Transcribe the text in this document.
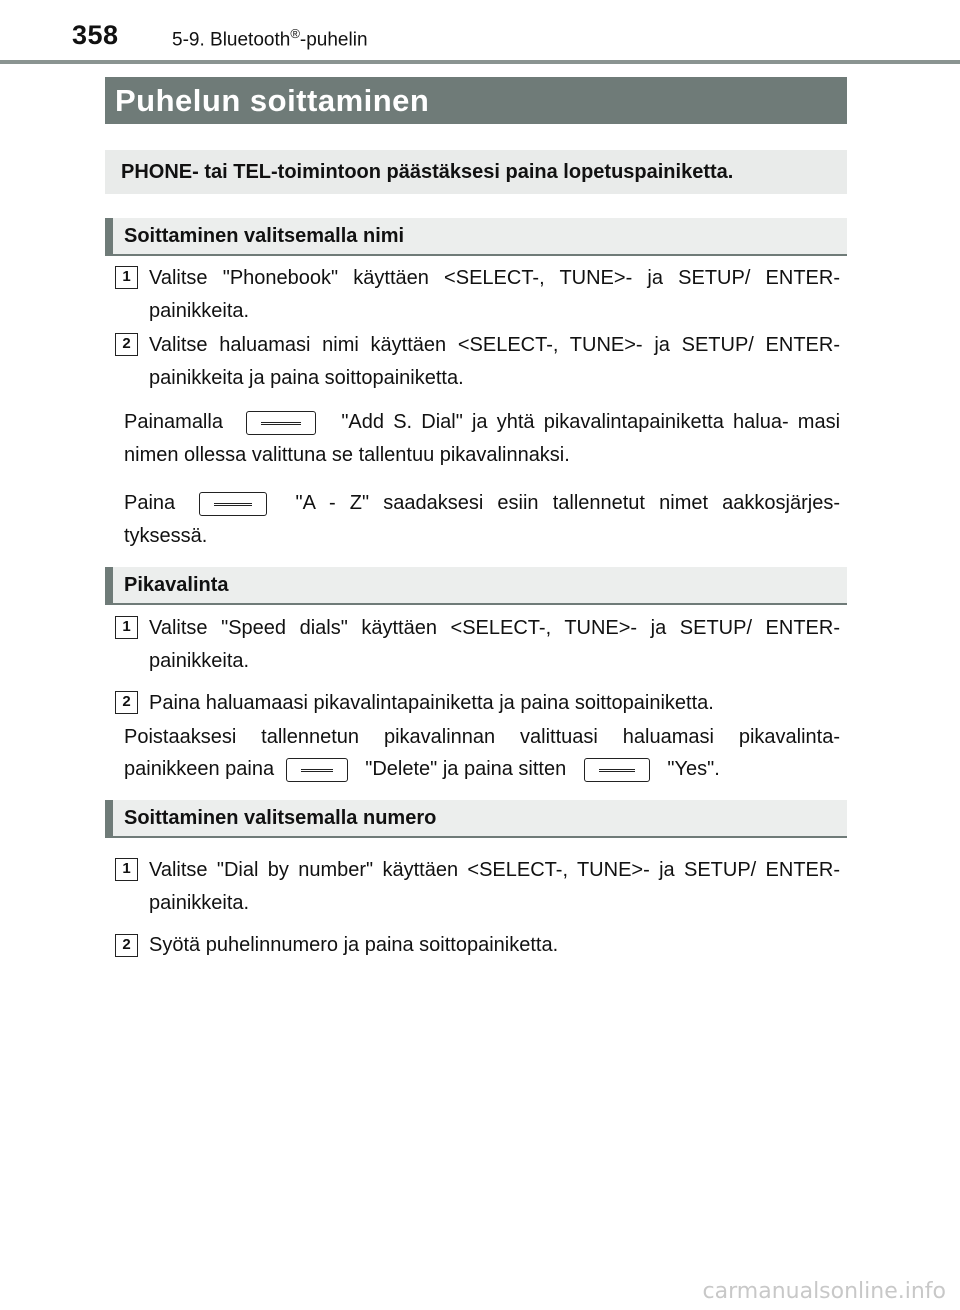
358	5-9. Bluetooth®-puhelin
Puhelun soittaminen
PHONE- tai TEL-toimintoon päästäksesi paina lopetuspainiketta.
Soittaminen valitsemalla nimi
1 Valitse "Phonebook" käyttäen <SELECT-, TUNE>- ja SETUP/ ENTER-painikkeita.
2 Valitse haluamasi nimi käyttäen <SELECT-, TUNE>- ja SETUP/ ENTER-painikkeita ja paina soittopainiketta.
Painamalla	"Add S. Dial" ja yhtä pikavalintapainiketta halua- masi nimen ollessa valittuna se tallentuu pikavalinnaksi.
Paina	"A - Z" saadaksesi esiin tallennetut nimet aakkosjärjes- tyksessä.
Pikavalinta
1 Valitse "Speed dials" käyttäen <SELECT-, TUNE>- ja SETUP/ ENTER-painikkeita.
2 Paina haluamaasi pikavalintapainiketta ja paina soittopainiketta.
Poistaaksesi tallennetun pikavalinnan valittuasi haluamasi pikavalinta- painikkeen paina	"Delete" ja paina sitten	"Yes".
Soittaminen valitsemalla numero
1 Valitse "Dial by number" käyttäen <SELECT-, TUNE>- ja SETUP/ ENTER-painikkeita.
2 Syötä puhelinnumero ja paina soittopainiketta.
carmanualsonline.info
